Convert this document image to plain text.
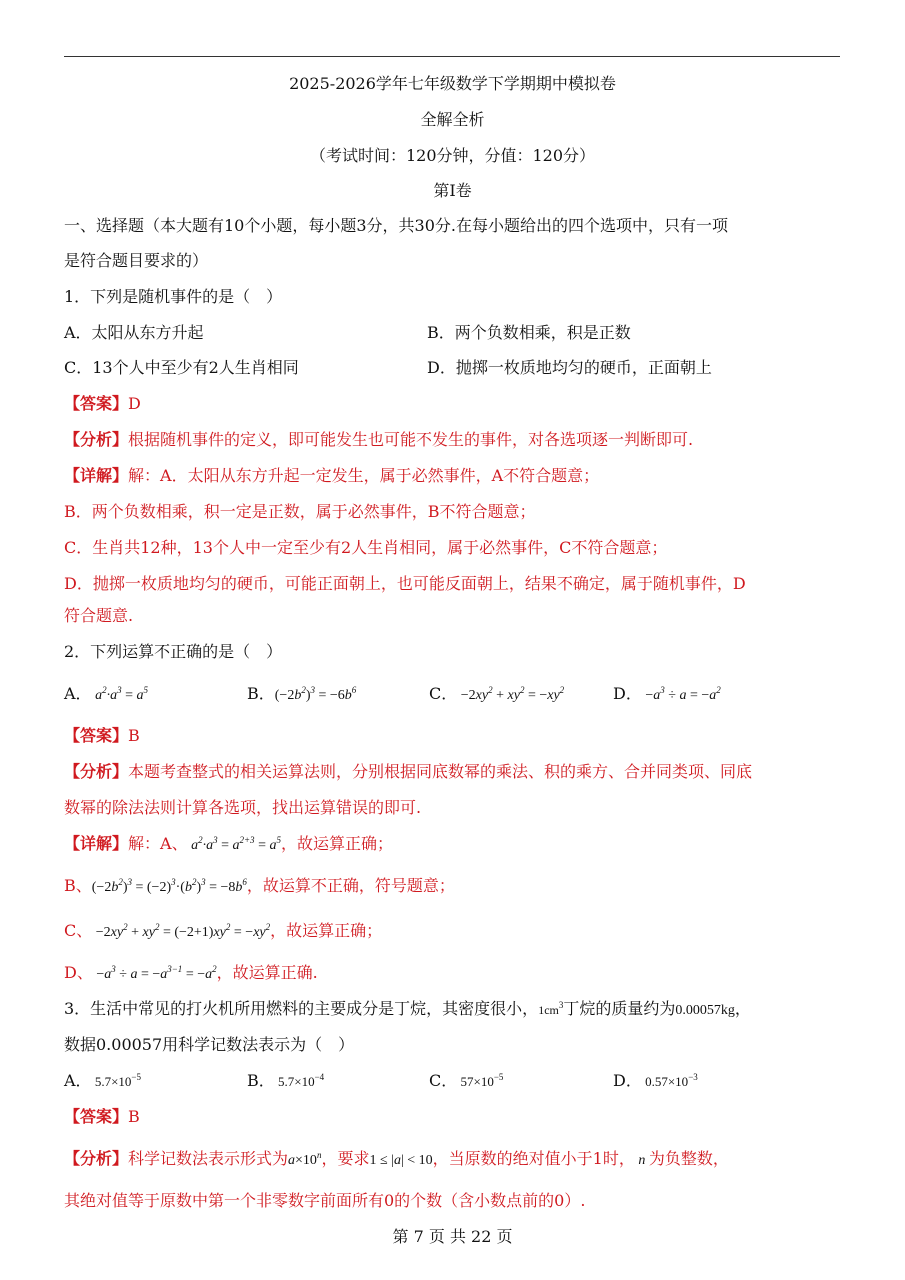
2025-2026学年七年级数学下学期期中模拟卷
全解全析
（考试时间：120分钟，分值：120分）
第Ⅰ卷
一、选择题（本大题有10个小题，每小题3分，共30分.在每小题给出的四个选项中，只有一项
是符合题目要求的）
1．下列是随机事件的是（　）
A．太阳从东方升起	B．两个负数相乘，积是正数
C．13个人中至少有2人生肖相同	D．抛掷一枚质地均匀的硬币，正面朝上
【答案】D
【分析】根据随机事件的定义，即可能发生也可能不发生的事件，对各选项逐一判断即可.
【详解】解：A．太阳从东方升起一定发生，属于必然事件，A不符合题意；
B．两个负数相乘，积一定是正数，属于必然事件，B不符合题意；
C．生肖共12种，13个人中一定至少有2人生肖相同，属于必然事件，C不符合题意；
D．抛掷一枚质地均匀的硬币，可能正面朝上，也可能反面朝上，结果不确定，属于随机事件，D
符合题意.
2．下列运算不正确的是（　）
A． $a^2\cdot a^3 = a^5$	B．$(-2b^2)^3 = -6b^6$	C． $-2xy^2 + xy^2 = -xy^2$	D． $-a^3 \div a = -a^2$
【答案】B
【分析】本题考查整式的相关运算法则，分别根据同底数幂的乘法、积的乘方、合并同类项、同底
数幂的除法法则计算各选项，找出运算错误的即可.
【详解】解：A、 $a^2\cdot a^3 = a^{2+3} = a^5$，故运算正确；
B、$(-2b^2)^3 = (-2)^3\cdot(b^2)^3 = -8b^6$，故运算不正确，符号题意；
C、 $-2xy^2 + xy^2 = (-2+1)xy^2 = -xy^2$，故运算正确；
D、 $-a^3 \div a = -a^{3-1} = -a^2$，故运算正确.
3．生活中常见的打火机所用燃料的主要成分是丁烷，其密度很小，$1cm^3$丁烷的质量约为0.00057kg，
数据0.00057用科学记数法表示为（　）
A． $5.7\times 10^{-5}$	B． $5.7\times 10^{-4}$	C． $57\times 10^{-5}$	D． $0.57\times 10^{-3}$
【答案】B
【分析】科学记数法表示形式为$a\times 10^n$，要求1 ≤ |a| < 10，当原数的绝对值小于1时， n 为负整数，
其绝对值等于原数中第一个非零数字前面所有0的个数（含小数点前的0）.
第 7 页 共 22 页
